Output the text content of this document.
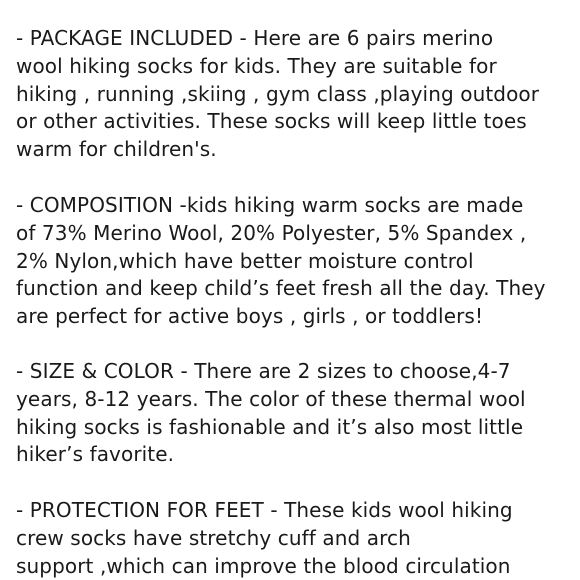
- PACKAGE INCLUDED - Here are 6 pairs merino
wool hiking socks for kids. They are suitable for
hiking , running ,skiing , gym class ,playing outdoor
or other activities. These socks will keep little toes
warm for children's.

- COMPOSITION -kids hiking warm socks are made
of 73% Merino Wool, 20% Polyester, 5% Spandex ,
2% Nylon,which have better moisture control
function and keep child’s feet fresh all the day. They
are perfect for active boys , girls , or toddlers!

- SIZE & COLOR - There are 2 sizes to choose,4-7
years, 8-12 years. The color of these thermal wool
hiking socks is fashionable and it’s also most little
hiker’s favorite.

- PROTECTION FOR FEET - These kids wool hiking
crew socks have stretchy cuff and arch
support ,which can improve the blood circulation
